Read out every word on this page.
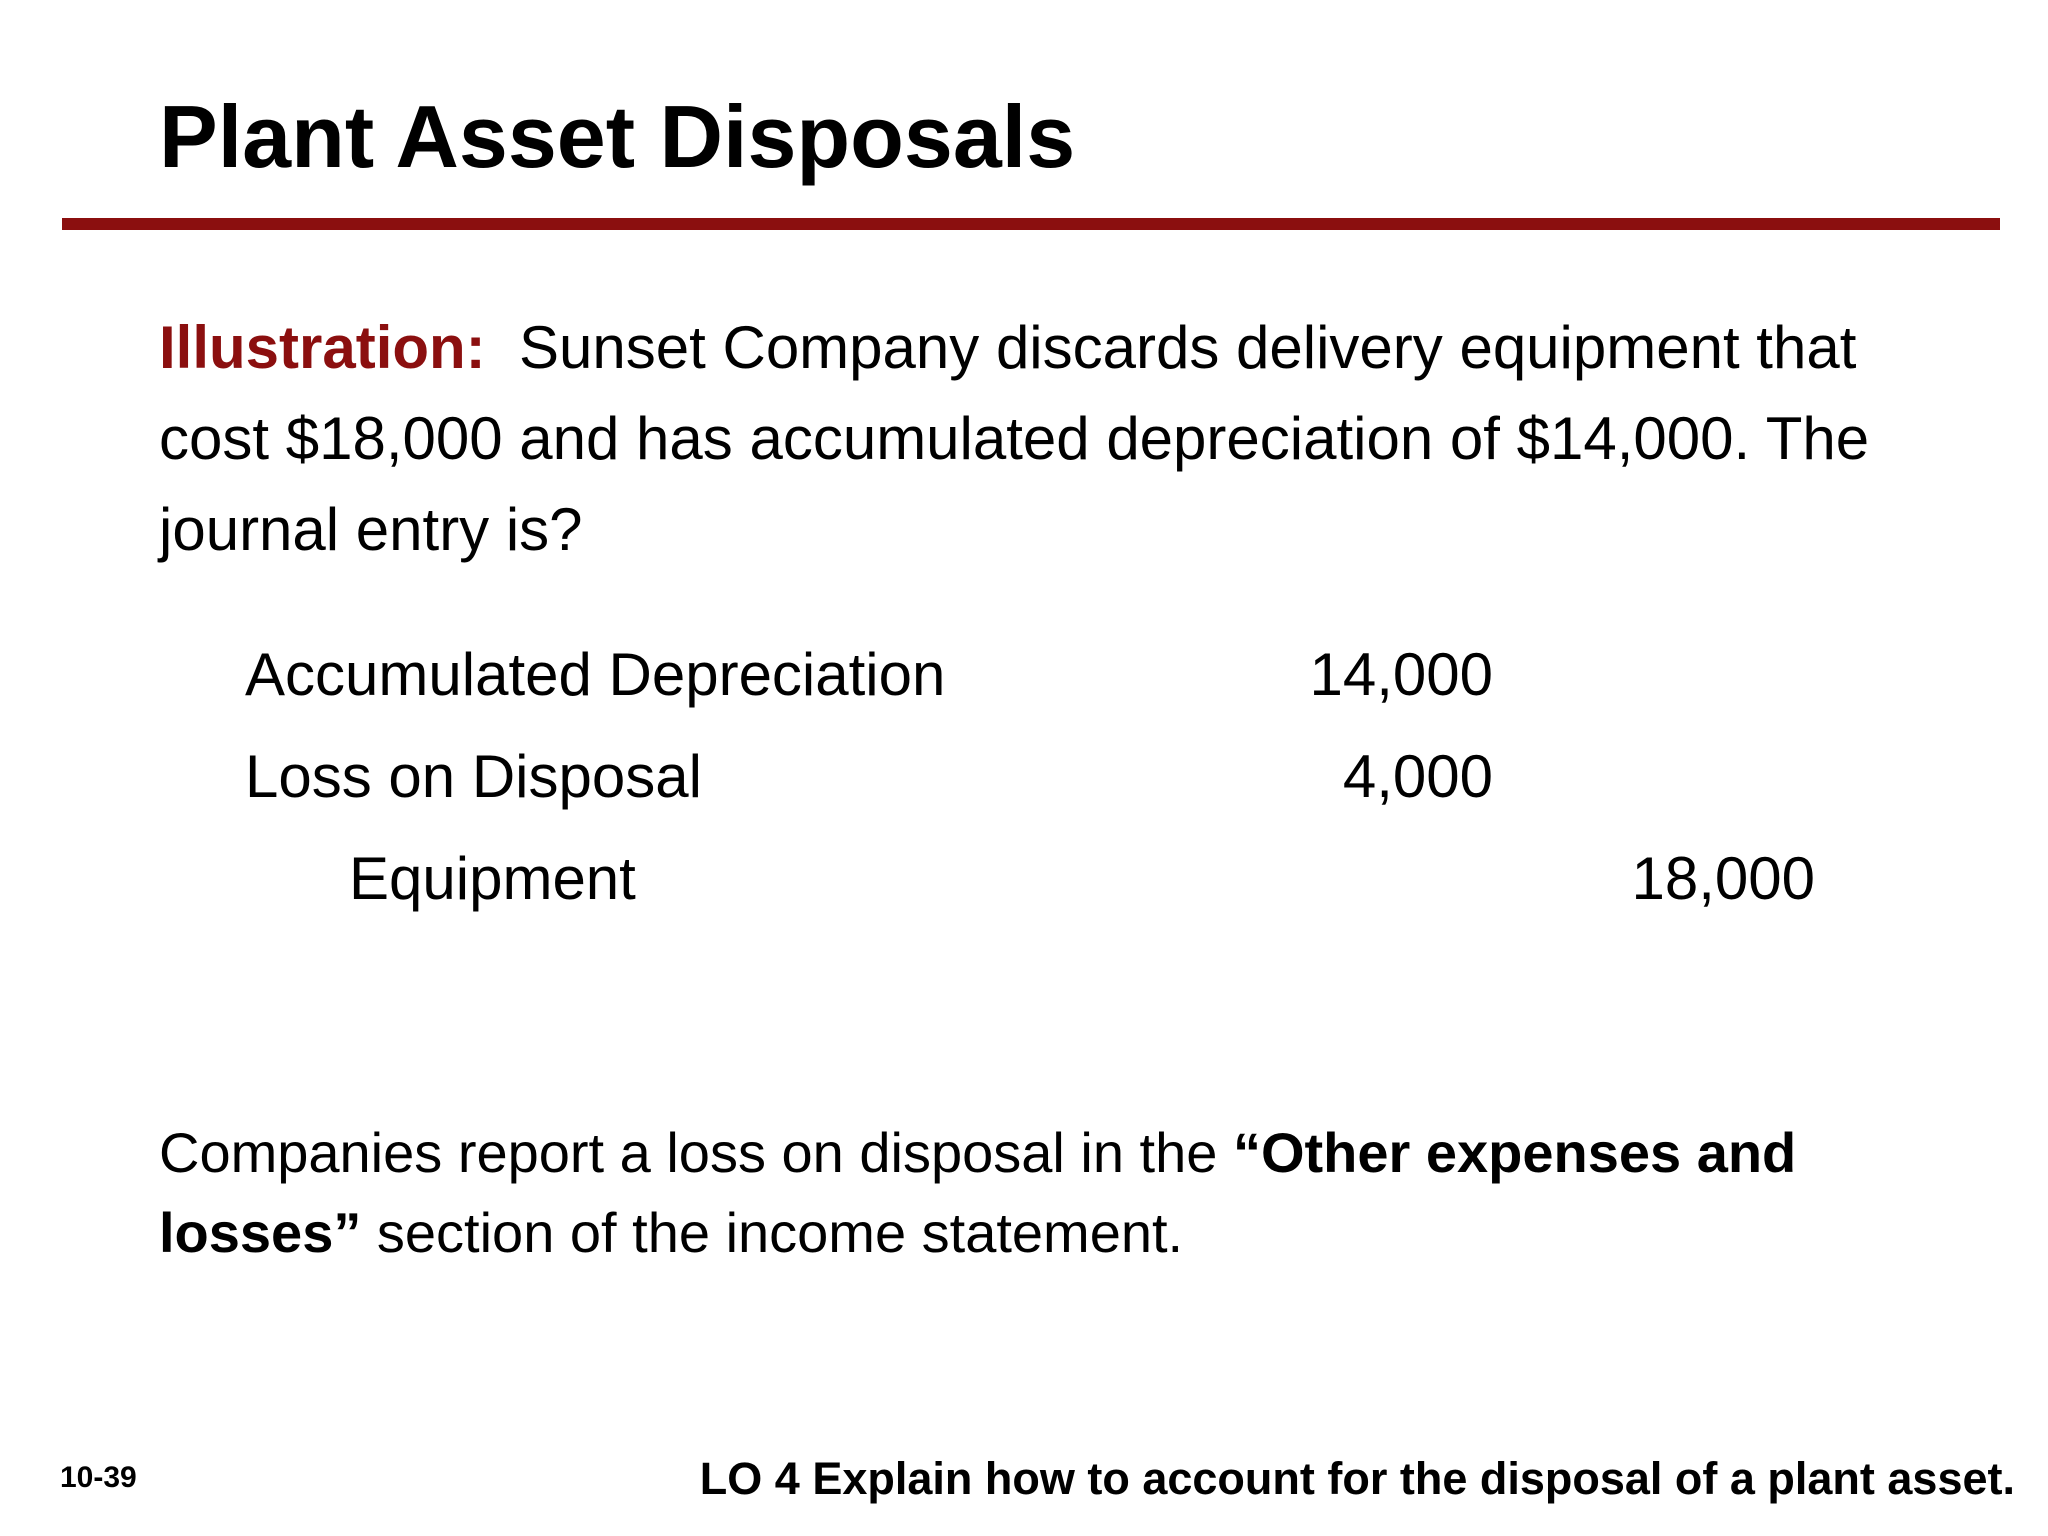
Plant Asset Disposals
Illustration: Sunset Company discards delivery equipment that cost $18,000 and has accumulated depreciation of $14,000. The journal entry is?
Accumulated Depreciation	14,000
Loss on Disposal	4,000
Equipment	18,000
Companies report a loss on disposal in the “Other expenses and losses” section of the income statement.
10-39	LO 4 Explain how to account for the disposal of a plant asset.
